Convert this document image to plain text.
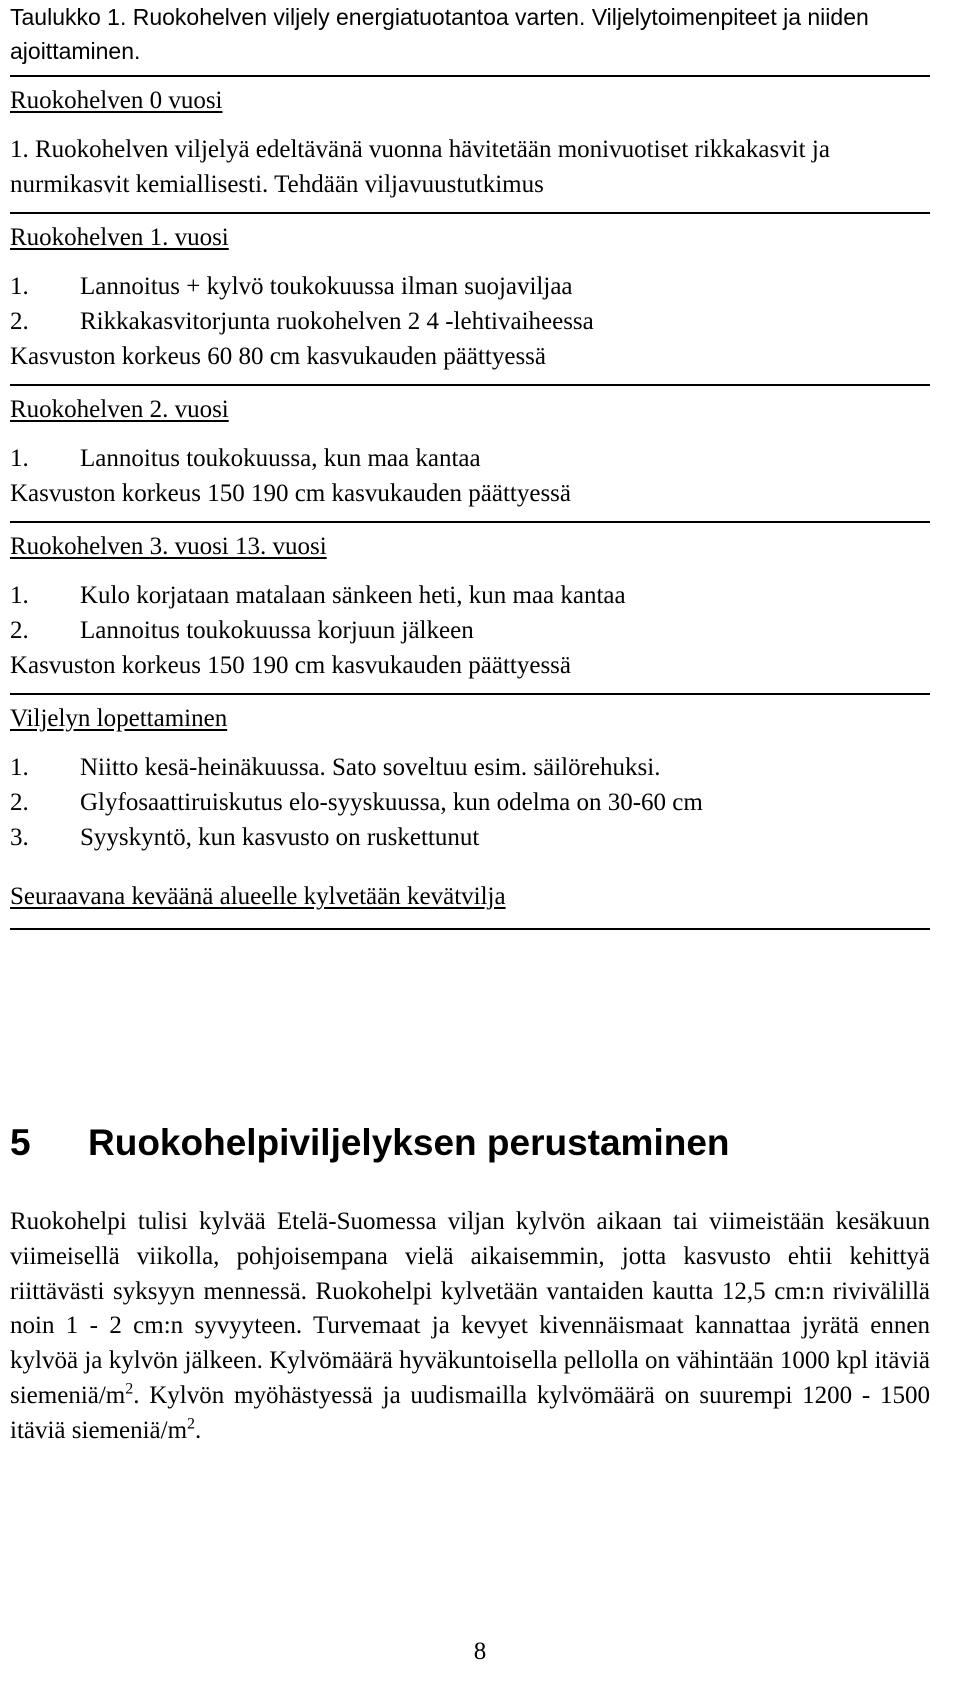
Taulukko 1. Ruokohelven viljely energiatuotantoa varten. Viljelytoimenpiteet ja niiden ajoittaminen.
Ruokohelven 0 vuosi
1. Ruokohelven viljelyä edeltävänä vuonna hävitetään monivuotiset rikkakasvit ja nurmikasvit kemiallisesti. Tehdään viljavuustutkimus
Ruokohelven 1. vuosi
1.	Lannoitus + kylvö toukokuussa ilman suojaviljaa
2.	Rikkakasvitorjunta ruokohelven 2 4 -lehtivaiheessa
Kasvuston korkeus 60 80 cm kasvukauden päättyessä
Ruokohelven 2. vuosi
1.	Lannoitus toukokuussa, kun maa kantaa
Kasvuston korkeus 150 190 cm kasvukauden päättyessä
Ruokohelven 3. vuosi 13. vuosi
1.	Kulo korjataan matalaan sänkeen heti, kun maa kantaa
2.	Lannoitus toukokuussa korjuun jälkeen
Kasvuston korkeus 150 190 cm kasvukauden päättyessä
Viljelyn lopettaminen
1.	Niitto kesä-heinäkuussa. Sato soveltuu esim. säilörehuksi.
2.	Glyfosaattiruiskutus elo-syyskuussa, kun odelma on 30-60 cm
3.	Syyskyntö, kun kasvusto on ruskettunut
Seuraavana keväänä alueelle kylvetään kevätvilja
5	Ruokohelpiviljelyksen perustaminen
Ruokohelpi tulisi kylvää Etelä-Suomessa viljan kylvön aikaan tai viimeistään kesäkuun viimeisellä viikolla, pohjoisempana vielä aikaisemmin, jotta kasvusto ehtii kehittyä riittävästi syksyyn mennessä. Ruokohelpi kylvetään vantaiden kautta 12,5 cm:n rivivälillä noin 1 - 2 cm:n syvyyteen. Turvemaat ja kevyet kivennäismaat kannattaa jyrätä ennen kylvöä ja kylvön jälkeen. Kylvömäärä hyväkuntoisella pellolla on vähintään 1000 kpl itäviä siemeniä/$m^2$. Kylvön myöhästyessä ja uudismailla kylvömäärä on suurempi 1200 - 1500 itäviä siemeniä/$m^2$.
8
